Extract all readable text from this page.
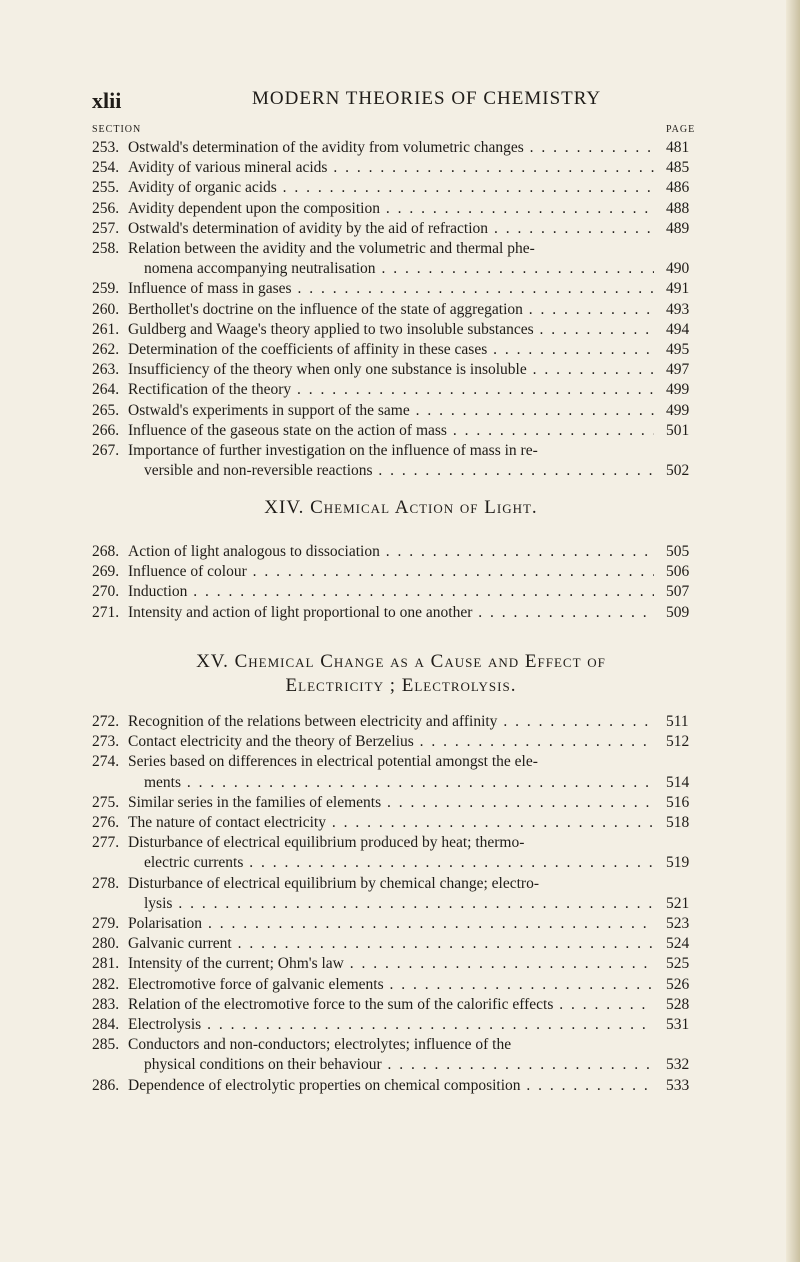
xlii	MODERN THEORIES OF CHEMISTRY
SECTION	PAGE
253. Ostwald's determination of the avidity from volumetric changes . . .	481
254. Avidity of various mineral acids . . .	485
255. Avidity of organic acids . . .	486
256. Avidity dependent upon the composition . . .	488
257. Ostwald's determination of avidity by the aid of refraction . . .	489
258. Relation between the avidity and the volumetric and thermal phe-
nomena accompanying neutralisation . . .	490
259. Influence of mass in gases . . .	491
260. Berthollet's doctrine on the influence of the state of aggregation . . .	493
261. Guldberg and Waage's theory applied to two insoluble substances . . .	494
262. Determination of the coefficients of affinity in these cases . . .	495
263. Insufficiency of the theory when only one substance is insoluble . . .	497
264. Rectification of the theory . . .	499
265. Ostwald's experiments in support of the same . . .	499
266. Influence of the gaseous state on the action of mass . . .	501
267. Importance of further investigation on the influence of mass in re-
versible and non-reversible reactions . . .	502
XIV. Chemical Action of Light.
268. Action of light analogous to dissociation . . .	505
269. Influence of colour . . .	506
270. Induction . . .	507
271. Intensity and action of light proportional to one another . . .	509
XV. Chemical Change as a Cause and Effect of
Electricity ; Electrolysis.
272. Recognition of the relations between electricity and affinity . . .	511
273. Contact electricity and the theory of Berzelius . . .	512
274. Series based on differences in electrical potential amongst the ele-
ments . . .	514
275. Similar series in the families of elements . . .	516
276. The nature of contact electricity . . .	518
277. Disturbance of electrical equilibrium produced by heat; thermo-
electric currents . . .	519
278. Disturbance of electrical equilibrium by chemical change; electro-
lysis . . .	521
279. Polarisation . . .	523
280. Galvanic current . . .	524
281. Intensity of the current; Ohm's law . . .	525
282. Electromotive force of galvanic elements . . .	526
283. Relation of the electromotive force to the sum of the calorific effects . . .	528
284. Electrolysis . . .	531
285. Conductors and non-conductors; electrolytes; influence of the
physical conditions on their behaviour . . .	532
286. Dependence of electrolytic properties on chemical composition . . .	533
